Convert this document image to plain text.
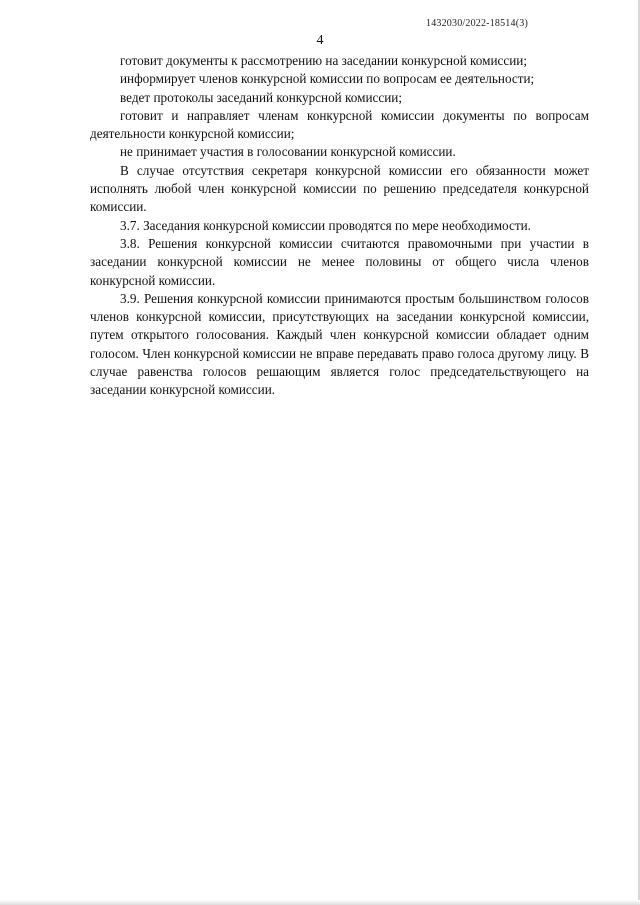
1432030/2022-18514(3)
4

готовит документы к рассмотрению на заседании конкурсной комиссии;

информирует членов конкурсной комиссии по вопросам ее деятельности;

ведет протоколы заседаний конкурсной комиссии;

готовит и направляет членам конкурсной комиссии документы по вопросам деятельности конкурсной комиссии;

не принимает участия в голосовании конкурсной комиссии.

В случае отсутствия секретаря конкурсной комиссии его обязанности может исполнять любой член конкурсной комиссии по решению председателя конкурсной комиссии.

3.7. Заседания конкурсной комиссии проводятся по мере необходимости.

3.8. Решения конкурсной комиссии считаются правомочными при участии в заседании конкурсной комиссии не менее половины от общего числа членов конкурсной комиссии.

3.9. Решения конкурсной комиссии принимаются простым большинством голосов членов конкурсной комиссии, присутствующих на заседании конкурсной комиссии, путем открытого голосования. Каждый член конкурсной комиссии обладает одним голосом. Член конкурсной комиссии не вправе передавать право голоса другому лицу. В случае равенства голосов решающим является голос председательствующего на заседании конкурсной комиссии.
